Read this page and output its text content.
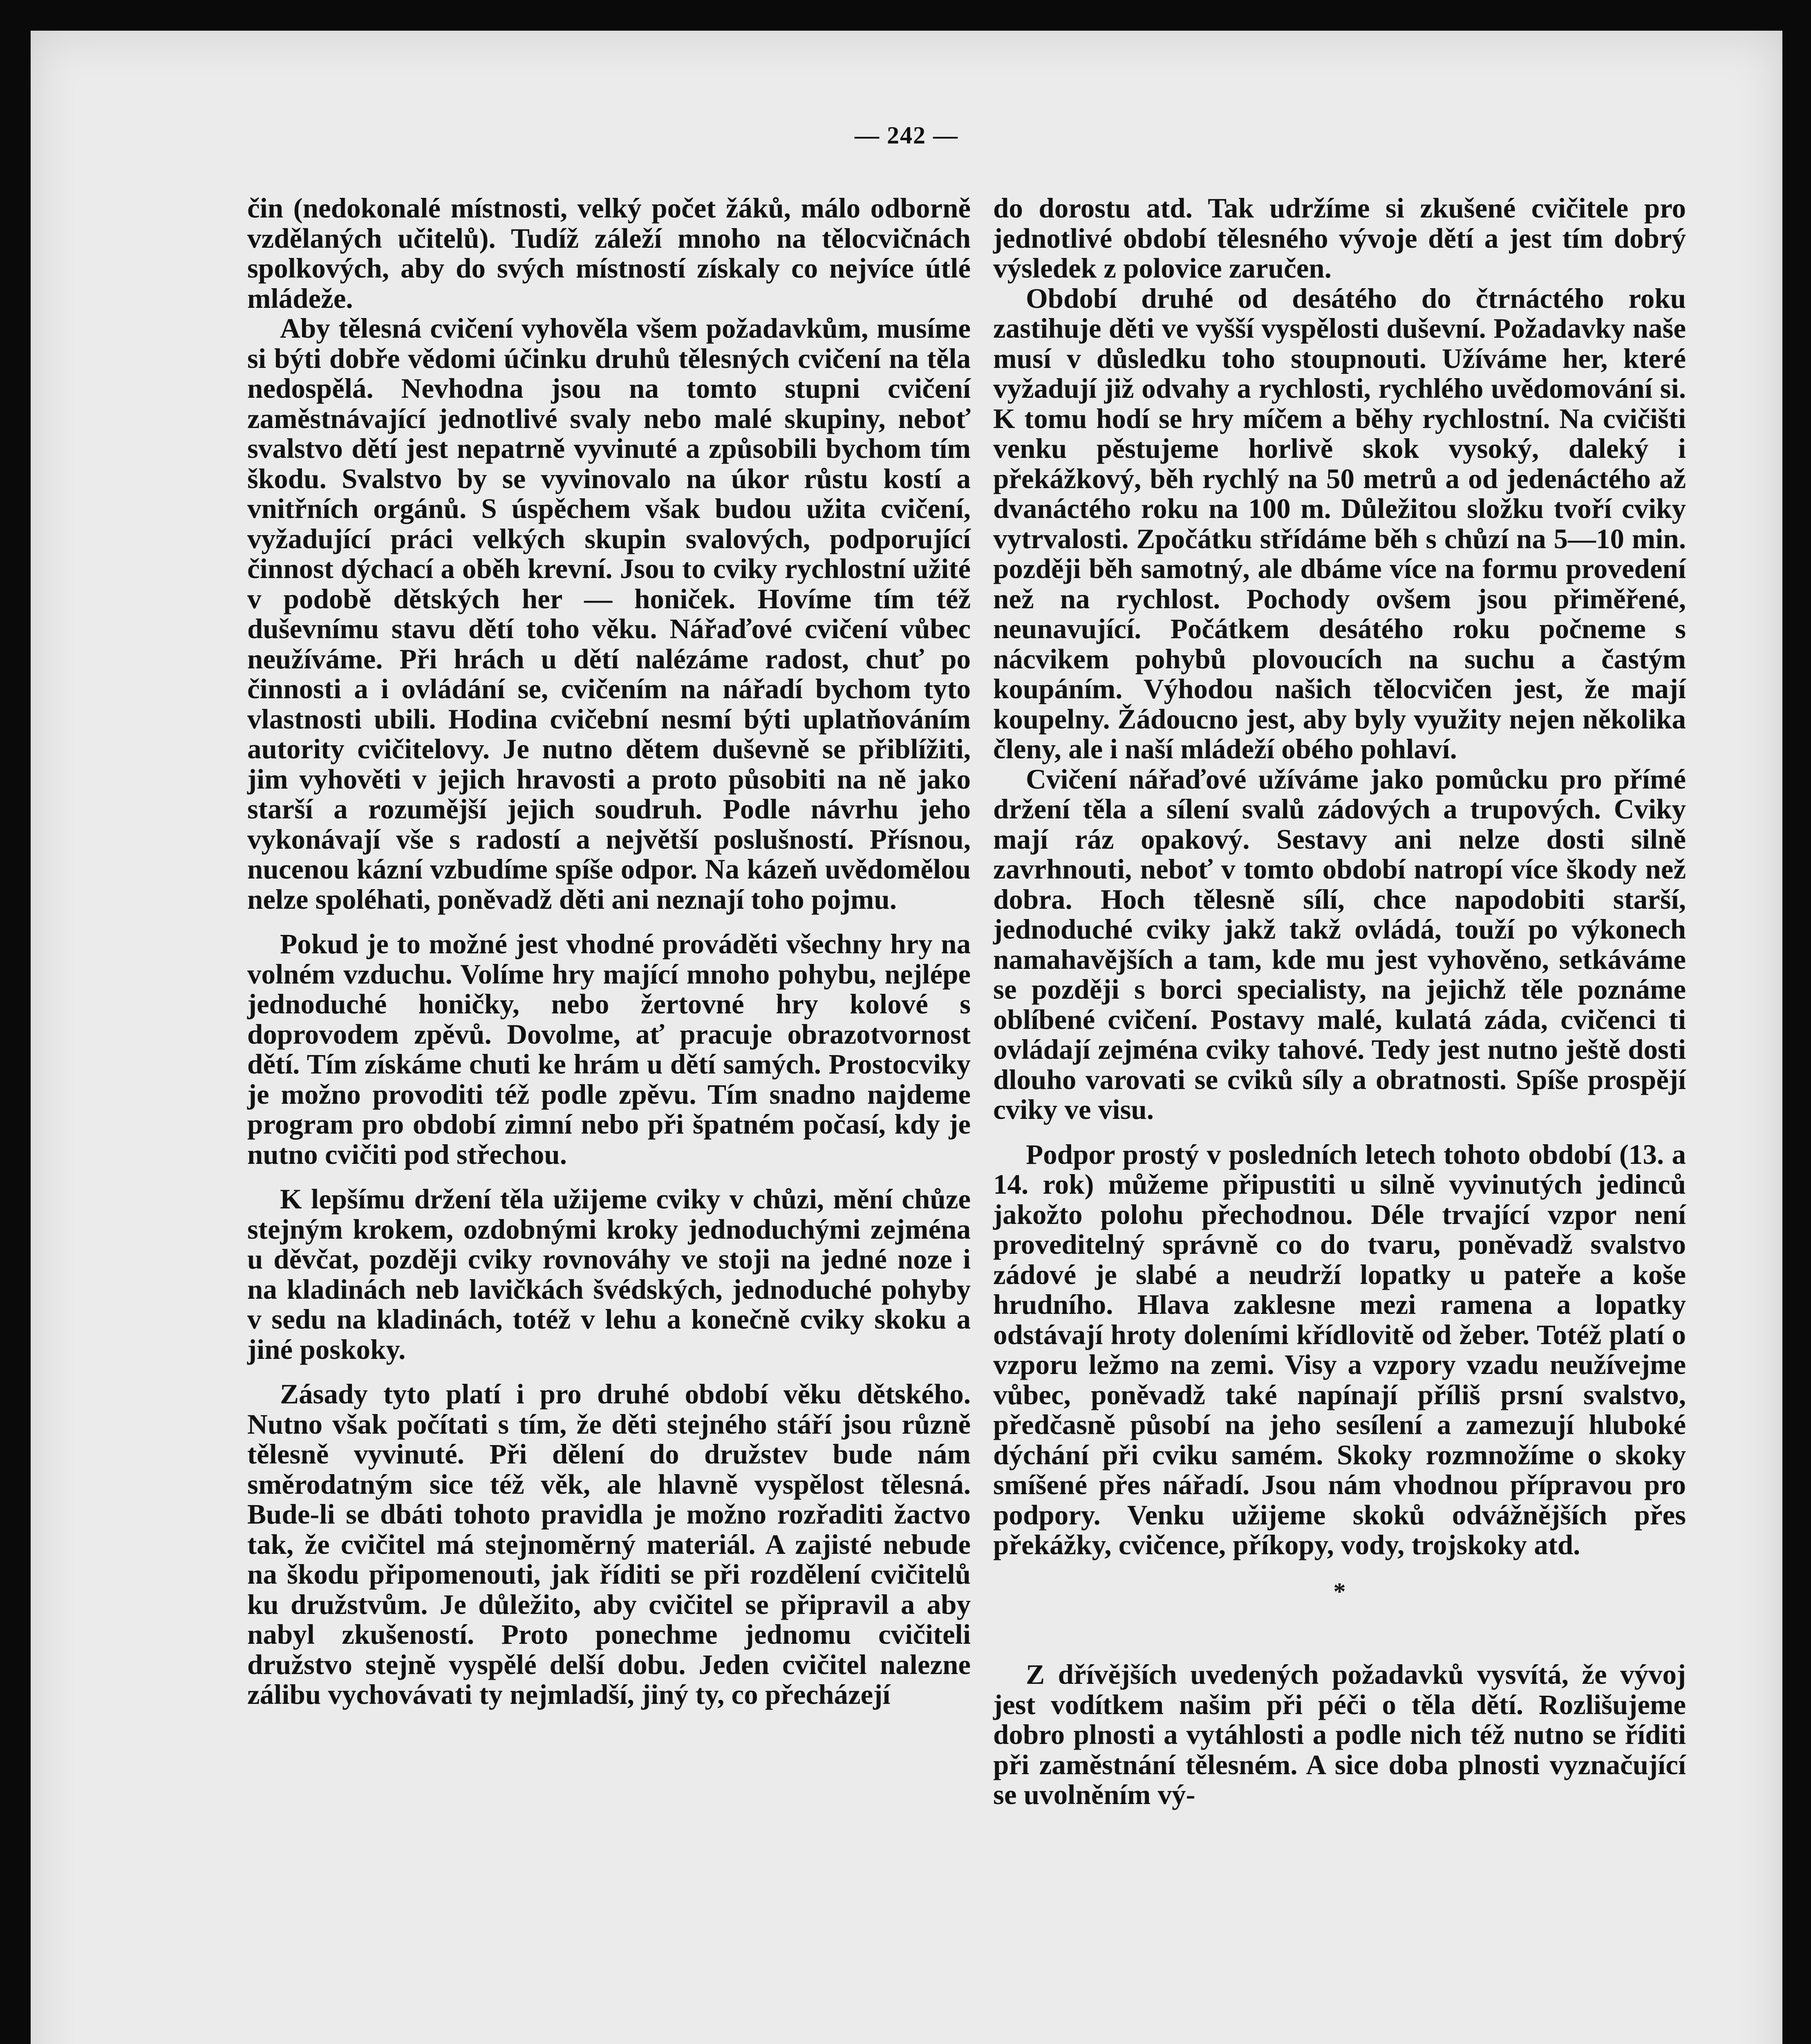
— 242 —

čin (nedokonalé místnosti, velký počet žáků, málo odborně vzdělaných učitelů). Tudíž záleží mnoho na tělocvičnách spolkových, aby do svých místností získaly co nejvíce útlé mládeže.

Aby tělesná cvičení vyhověla všem požadavkům, musíme si býti dobře vědomi účinku druhů tělesných cvičení na těla nedospělá. Nevhodna jsou na tomto stupni cvičení zaměstnávající jednotlivé svaly nebo malé skupiny, neboť svalstvo dětí jest nepatrně vyvinuté a způsobili bychom tím škodu. Svalstvo by se vyvinovalo na úkor růstu kostí a vnitřních orgánů. S úspěchem však budou užita cvičení, vyžadující práci velkých skupin svalových, podporující činnost dýchací a oběh krevní. Jsou to cviky rychlostní užité v podobě dětských her — honiček. Hovíme tím též duševnímu stavu dětí toho věku. Nářaďové cvičení vůbec neužíváme. Při hrách u dětí nalézáme radost, chuť po činnosti a i ovládání se, cvičením na nářadí bychom tyto vlastnosti ubili. Hodina cvičební nesmí býti uplatňováním autority cvičitelovy. Je nutno dětem duševně se přiblížiti, jim vyhověti v jejich hravosti a proto působiti na ně jako starší a rozumější jejich soudruh. Podle návrhu jeho vykonávají vše s radostí a největší poslušností. Přísnou, nucenou kázní vzbudíme spíše odpor. Na kázeň uvědomělou nelze spoléhati, poněvadž děti ani neznají toho pojmu.

Pokud je to možné jest vhodné prováděti všechny hry na volném vzduchu. Volíme hry mající mnoho pohybu, nejlépe jednoduché honičky, nebo žertovné hry kolové s doprovodem zpěvů. Dovolme, ať pracuje obrazotvornost dětí. Tím získáme chuti ke hrám u dětí samých. Prostocviky je možno provoditi též podle zpěvu. Tím snadno najdeme program pro období zimní nebo při špatném počasí, kdy je nutno cvičiti pod střechou.

K lepšímu držení těla užijeme cviky v chůzi, mění chůze stejným krokem, ozdobnými kroky jednoduchými zejména u děvčat, později cviky rovnováhy ve stoji na jedné noze i na kladinách neb lavičkách švédských, jednoduché pohyby v sedu na kladinách, totéž v lehu a konečně cviky skoku a jiné poskoky.

Zásady tyto platí i pro druhé období věku dětského. Nutno však počítati s tím, že děti stejného stáří jsou různě tělesně vyvinuté. Při dělení do družstev bude nám směrodatným sice též věk, ale hlavně vyspělost tělesná. Bude-li se dbáti tohoto pravidla je možno rozřaditi žactvo tak, že cvičitel má stejnoměrný materiál. A zajisté nebude na škodu připomenouti, jak říditi se při rozdělení cvičitelů ku družstvům. Je důležito, aby cvičitel se připravil a aby nabyl zkušeností. Proto ponechme jednomu cvičiteli družstvo stejně vyspělé delší dobu. Jeden cvičitel nalezne zálibu vychovávati ty nejmladší, jiný ty, co přecházejí

do dorostu atd. Tak udržíme si zkušené cvičitele pro jednotlivé období tělesného vývoje dětí a jest tím dobrý výsledek z polovice zaručen.

Období druhé od desátého do čtrnáctého roku zastihuje děti ve vyšší vyspělosti duševní. Požadavky naše musí v důsledku toho stoupnouti. Užíváme her, které vyžadují již odvahy a rychlosti, rychlého uvědomování si. K tomu hodí se hry míčem a běhy rychlostní. Na cvičišti venku pěstujeme horlivě skok vysoký, daleký i překážkový, běh rychlý na 50 metrů a od jedenáctého až dvanáctého roku na 100 m. Důležitou složku tvoří cviky vytrvalosti. Zpočátku střídáme běh s chůzí na 5—10 min. později běh samotný, ale dbáme více na formu provedení než na rychlost. Pochody ovšem jsou přiměřené, neunavující. Počátkem desátého roku počneme s nácvikem pohybů plovoucích na suchu a častým koupáním. Výhodou našich tělocvičen jest, že mají koupelny. Žádoucno jest, aby byly využity nejen několika členy, ale i naší mládeží obého pohlaví.

Cvičení nářaďové užíváme jako pomůcku pro přímé držení těla a sílení svalů zádových a trupových. Cviky mají ráz opakový. Sestavy ani nelze dosti silně zavrhnouti, neboť v tomto období natropí více škody než dobra. Hoch tělesně sílí, chce napodobiti starší, jednoduché cviky jakž takž ovládá, touží po výkonech namahavějších a tam, kde mu jest vyhověno, setkáváme se později s borci specialisty, na jejichž těle poznáme oblíbené cvičení. Postavy malé, kulatá záda, cvičenci ti ovládají zejména cviky tahové. Tedy jest nutno ještě dosti dlouho varovati se cviků síly a obratnosti. Spíše prospějí cviky ve visu.

Podpor prostý v posledních letech tohoto období (13. a 14. rok) můžeme připustiti u silně vyvinutých jedinců jakožto polohu přechodnou. Déle trvající vzpor není proveditelný správně co do tvaru, poněvadž svalstvo zádové je slabé a neudrží lopatky u pateře a koše hrudního. Hlava zaklesne mezi ramena a lopatky odstávají hroty doleními křídlovitě od žeber. Totéž platí o vzporu ležmo na zemi. Visy a vzpory vzadu neužívejme vůbec, poněvadž také napínají příliš prsní svalstvo, předčasně působí na jeho sesílení a zamezují hluboké dýchání při cviku samém. Skoky rozmnožíme o skoky smíšené přes nářadí. Jsou nám vhodnou přípravou pro podpory. Venku užijeme skoků odvážnějších přes překážky, cvičence, příkopy, vody, trojskoky atd.

*

Z dřívějších uvedených požadavků vysvítá, že vývoj jest vodítkem našim při péči o těla dětí. Rozlišujeme dobro plnosti a vytáhlosti a podle nich též nutno se říditi při zaměstnání tělesném. A sice doba plnosti vyznačující se uvolněním vý-
